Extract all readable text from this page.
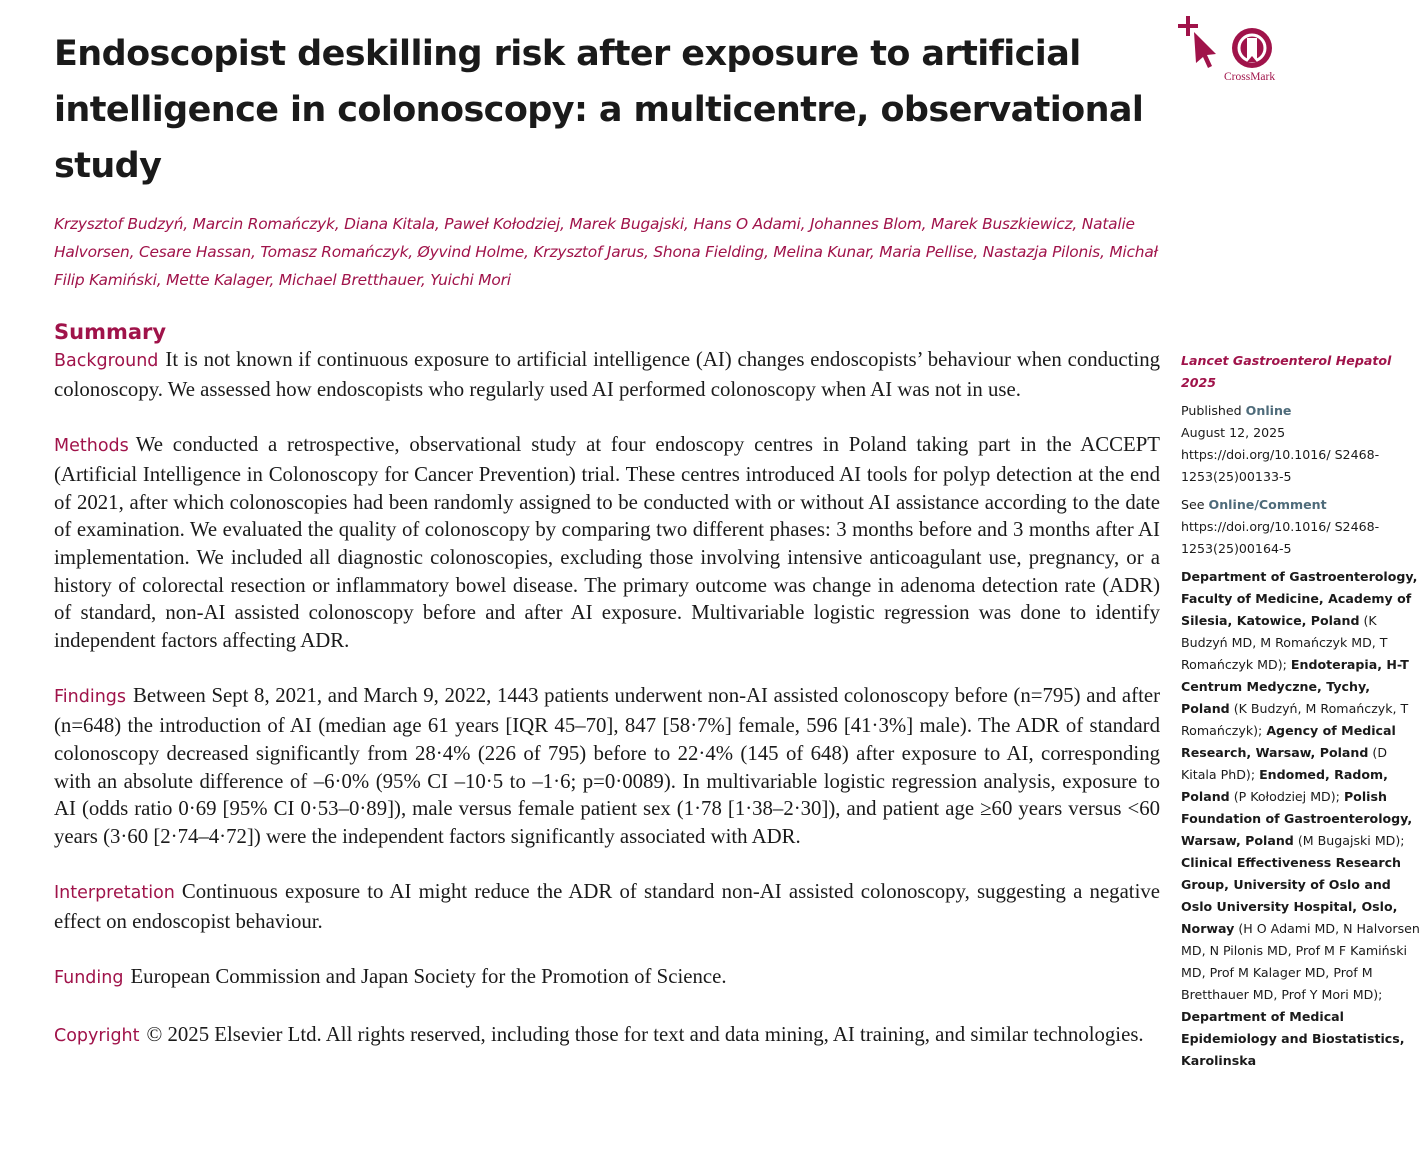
Endoscopist deskilling risk after exposure to artificial intelligence in colonoscopy: a multicentre, observational study
Krzysztof Budzyń, Marcin Romańczyk, Diana Kitala, Paweł Kołodziej, Marek Bugajski, Hans O Adami, Johannes Blom, Marek Buszkiewicz, Natalie Halvorsen, Cesare Hassan, Tomasz Romańczyk, Øyvind Holme, Krzysztof Jarus, Shona Fielding, Melina Kunar, Maria Pellise, Nastazja Pilonis, Michał Filip Kamiński, Mette Kalager, Michael Bretthauer, Yuichi Mori
Summary
Background It is not known if continuous exposure to artificial intelligence (AI) changes endoscopists’ behaviour when conducting colonoscopy. We assessed how endoscopists who regularly used AI performed colonoscopy when AI was not in use.
Methods We conducted a retrospective, observational study at four endoscopy centres in Poland taking part in the ACCEPT (Artificial Intelligence in Colonoscopy for Cancer Prevention) trial. These centres introduced AI tools for polyp detection at the end of 2021, after which colonoscopies had been randomly assigned to be conducted with or without AI assistance according to the date of examination. We evaluated the quality of colonoscopy by comparing two different phases: 3 months before and 3 months after AI implementation. We included all diagnostic colonoscopies, excluding those involving intensive anticoagulant use, pregnancy, or a history of colorectal resection or inflammatory bowel disease. The primary outcome was change in adenoma detection rate (ADR) of standard, non-AI assisted colonoscopy before and after AI exposure. Multivariable logistic regression was done to identify independent factors affecting ADR.
Findings Between Sept 8, 2021, and March 9, 2022, 1443 patients underwent non-AI assisted colonoscopy before (n=795) and after (n=648) the introduction of AI (median age 61 years [IQR 45–70], 847 [58·7%] female, 596 [41·3%] male). The ADR of standard colonoscopy decreased significantly from 28·4% (226 of 795) before to 22·4% (145 of 648) after exposure to AI, corresponding with an absolute difference of –6·0% (95% CI –10·5 to –1·6; p=0·0089). In multivariable logistic regression analysis, exposure to AI (odds ratio 0·69 [95% CI 0·53–0·89]), male versus female patient sex (1·78 [1·38–2·30]), and patient age ≥60 years versus <60 years (3·60 [2·74–4·72]) were the independent factors significantly associated with ADR.
Interpretation Continuous exposure to AI might reduce the ADR of standard non-AI assisted colonoscopy, suggesting a negative effect on endoscopist behaviour.
Funding European Commission and Japan Society for the Promotion of Science.
Copyright © 2025 Elsevier Ltd. All rights reserved, including those for text and data mining, AI training, and similar technologies.
CrossMark
Lancet Gastroenterol Hepatol 2025
Published Online
August 12, 2025
https://doi.org/10.1016/ S2468-1253(25)00133-5
See Online/Comment
https://doi.org/10.1016/ S2468-1253(25)00164-5
Department of Gastroenterology, Faculty of Medicine, Academy of Silesia, Katowice, Poland (K Budzyń MD, M Romańczyk MD, T Romańczyk MD); Endoterapia, H-T Centrum Medyczne, Tychy, Poland (K Budzyń, M Romańczyk, T Romańczyk); Agency of Medical Research, Warsaw, Poland (D Kitala PhD); Endomed, Radom, Poland (P Kołodziej MD); Polish Foundation of Gastroenterology, Warsaw, Poland (M Bugajski MD); Clinical Effectiveness Research Group, University of Oslo and Oslo University Hospital, Oslo, Norway (H O Adami MD, N Halvorsen MD, N Pilonis MD, Prof M F Kamiński MD, Prof M Kalager MD, Prof M Bretthauer MD, Prof Y Mori MD); Department of Medical Epidemiology and Biostatistics, Karolinska
